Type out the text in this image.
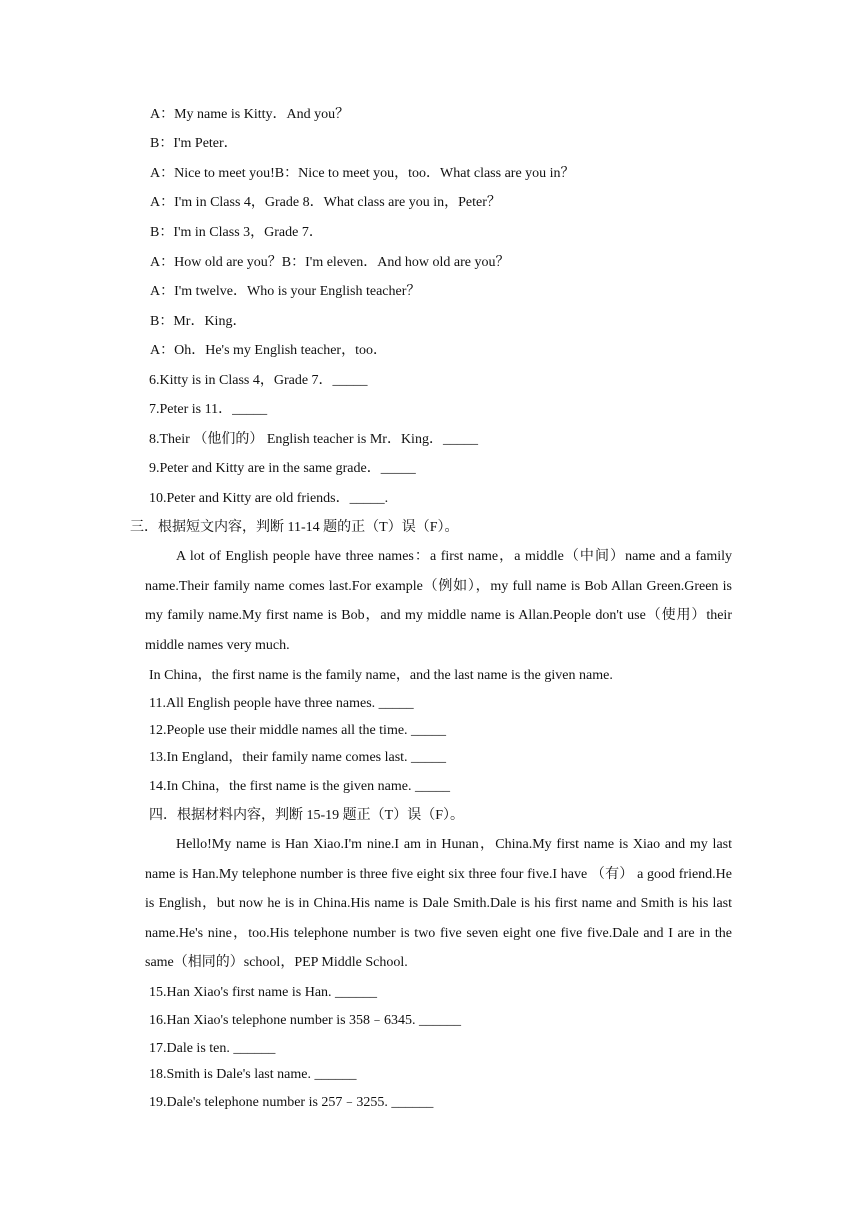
A：My name is Kitty．And you？
B：I'm Peter．
A：Nice to meet you!B：Nice to meet you，too．What class are you in？
A：I'm in Class 4，Grade 8．What class are you in，Peter？
B：I'm in Class 3，Grade 7．
A：How old are you？B：I'm eleven．And how old are you？
A：I'm twelve．Who is your English teacher？
B：Mr．King．
A：Oh．He's my English teacher，too．
6.Kitty is in Class 4，Grade 7．_____
7.Peter is 11．_____
8.Their （他们的） English teacher is Mr．King．_____
9.Peter and Kitty are in the same grade．_____
10.Peter and Kitty are old friends．_____.
三．根据短文内容，判断 11-14 题的正（T）误（F）。
A lot of English people have three names：a first name，a middle（中间）name and a family name.Their family name comes last.For example（例如），my full name is Bob Allan Green.Green is my family name.My first name is Bob，and my middle name is Allan.People don't use（使用）their middle names very much.
In China，the first name is the family name，and the last name is the given name.
11.All English people have three names. _____
12.People use their middle names all the time. _____
13.In England，their family name comes last. _____
14.In China，the first name is the given name. _____
四．根据材料内容，判断 15-19 题正（T）误（F）。
Hello!My name is Han Xiao.I'm nine.I am in Hunan，China.My first name is Xiao and my last name is Han.My telephone number is three five eight six three four five.I have （有） a good friend.He is English，but now he is in China.His name is Dale Smith.Dale is his first name and Smith is his last name.He's nine，too.His telephone number is two five seven eight one five five.Dale and I are in the same（相同的）school，PEP Middle School.
15.Han Xiao's first name is Han. ______
16.Han Xiao's telephone number is 358﹣6345. ______
17.Dale is ten. ______
18.Smith is Dale's last name. ______
19.Dale's telephone number is 257﹣3255. ______
